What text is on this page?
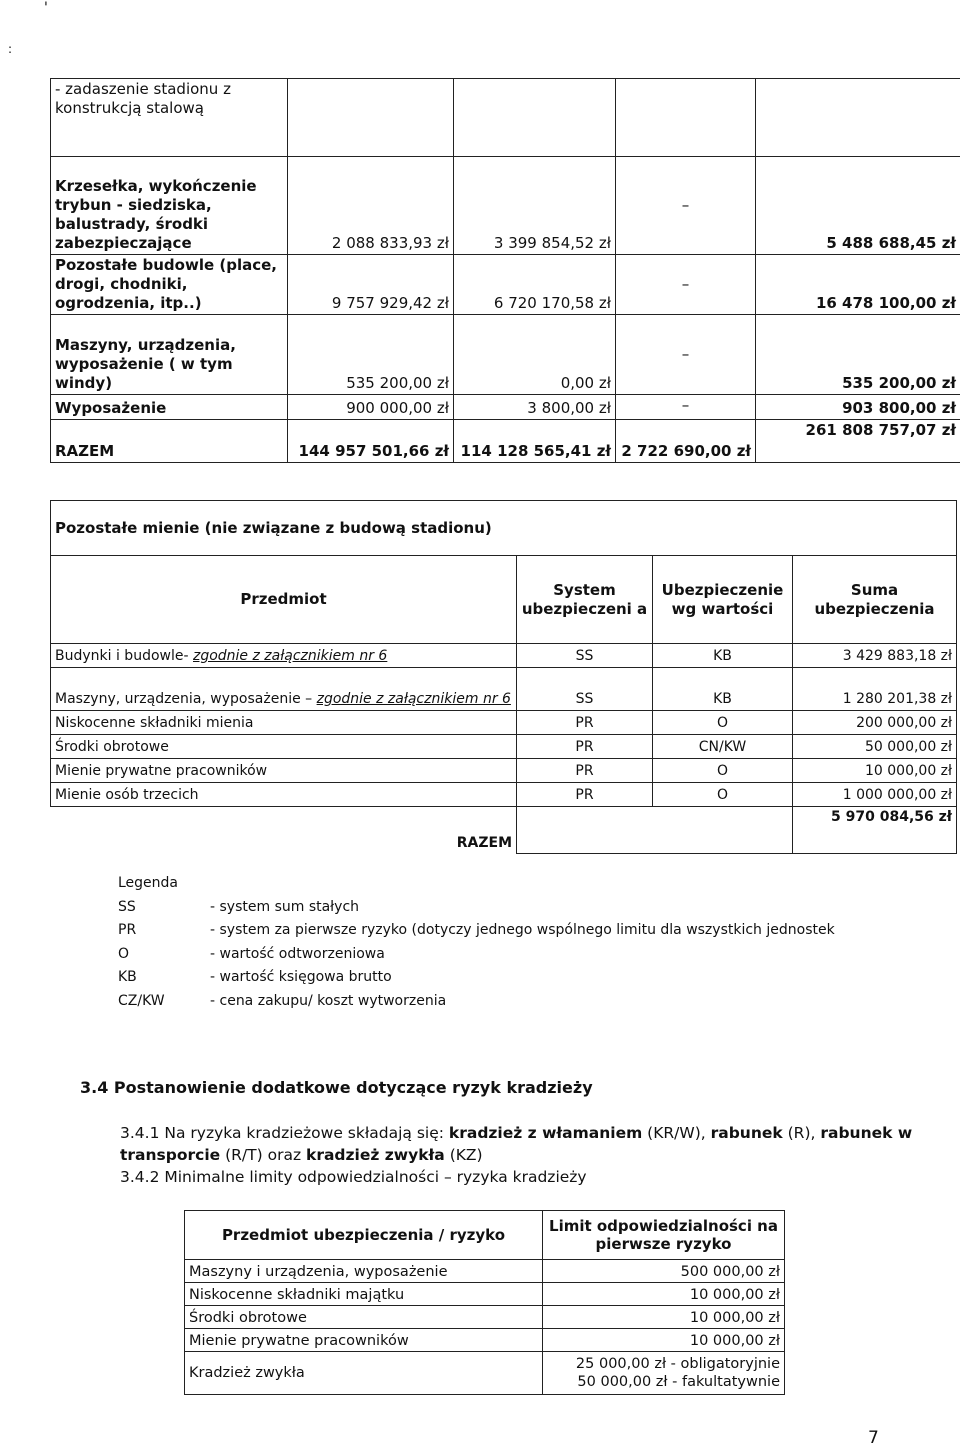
'
:
- zadaszenie stadionu z konstrukcją stalową				
Krzesełka, wykończenie trybun - siedziska, balustrady, środki zabezpieczające	2 088 833,93 zł	3 399 854,52 zł	–	5 488 688,45 zł
Pozostałe budowle (place, drogi, chodniki, ogrodzenia, itp..)	9 757 929,42 zł	6 720 170,58 zł	–	16 478 100,00 zł
Maszyny, urządzenia, wyposażenie ( w tym windy)	535 200,00 zł	0,00 zł	–	535 200,00 zł
Wyposażenie	900 000,00 zł	3 800,00 zł	–	903 800,00 zł
RAZEM	144 957 501,66 zł	114 128 565,41 zł	2 722 690,00 zł	261 808 757,07 zł
Pozostałe mienie (nie związane z budową stadionu)			
Przedmiot	System ubezpieczeni a	Ubezpieczenie wg wartości	Suma ubezpieczenia
Budynki i budowle- zgodnie z załącznikiem nr 6	SS	KB	3 429 883,18 zł
Maszyny, urządzenia, wyposażenie – zgodnie z załącznikiem nr 6	SS	KB	1 280 201,38 zł
Niskocenne składniki mienia	PR	O	200 000,00 zł
Środki obrotowe	PR	CN/KW	50 000,00 zł
Mienie prywatne pracowników	PR	O	10 000,00 zł
Mienie osób trzecich	PR	O	1 000 000,00 zł
RAZEM			5 970 084,56 zł
Legenda
SS	- system sum stałych
PR	- system za pierwsze ryzyko (dotyczy jednego wspólnego limitu dla wszystkich jednostek
O	- wartość odtworzeniowa
KB	- wartość księgowa brutto
CZ/KW	- cena zakupu/ koszt wytworzenia
3.4 Postanowienie dodatkowe dotyczące ryzyk kradzieży
3.4.1 Na ryzyka kradzieżowe składają się: kradzież z włamaniem (KR/W), rabunek (R), rabunek w transporcie (R/T) oraz kradzież zwykła (KZ)
3.4.2 Minimalne limity odpowiedzialności – ryzyka kradzieży
Przedmiot ubezpieczenia / ryzyko	Limit odpowiedzialności na pierwsze ryzyko
Maszyny i urządzenia, wyposażenie	500 000,00 zł
Niskocenne składniki majątku	10 000,00 zł
Środki obrotowe	10 000,00 zł
Mienie prywatne pracowników	10 000,00 zł
Kradzież zwykła	25 000,00 zł - obligatoryjnie
50 000,00 zł - fakultatywnie
7
